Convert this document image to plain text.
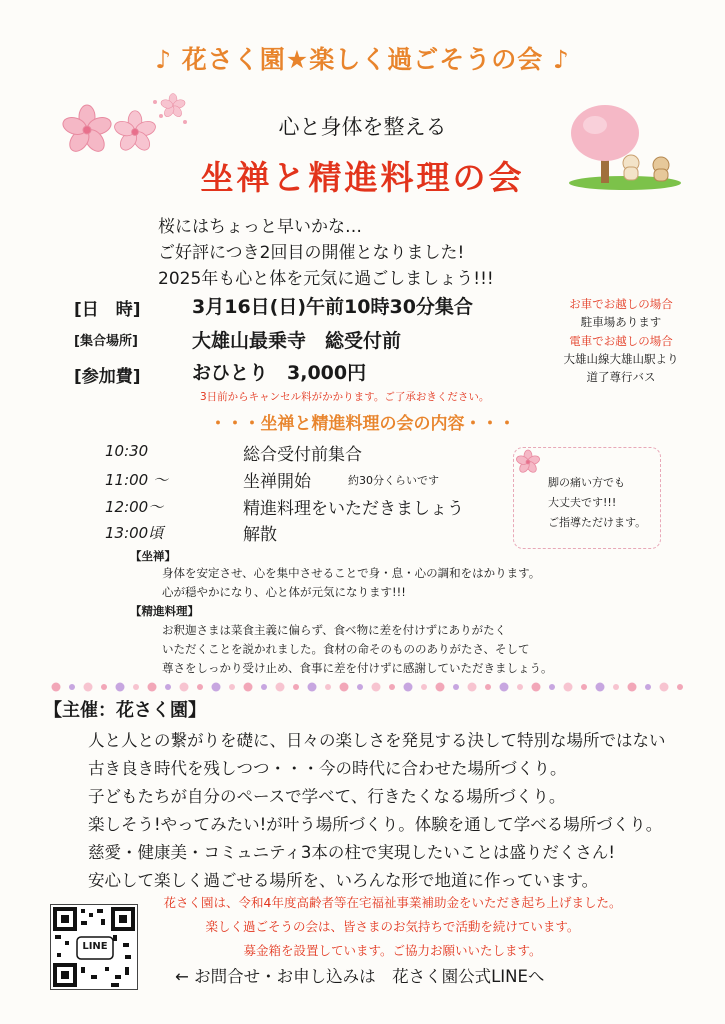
♪ 花さく園★楽しく過ごそうの会 ♪
心と身体を整える
坐禅と精進料理の会
桜にはちょっと早いかな…
ご好評につき2回目の開催となりました!
2025年も心と体を元気に過ごしましょう!!!
[日　時]	3月16日(日)午前10時30分集合
[集合場所]	大雄山最乗寺　総受付前
[参加費]	おひとり　3,000円
3日前からキャンセル料がかかります。ご了承おきください。
お車でお越しの場合
駐車場あります
電車でお越しの場合
大雄山線大雄山駅より
道了尊行バス
・・・坐禅と精進料理の会の内容・・・
10:30	総合受付前集合
11:00 ～	坐禅開始	約30分くらいです
12:00～	精進料理をいただきましょう
13:00頃	解散
脚の痛い方でも
大丈夫です!!!
ご指導ただけます。
【坐禅】
身体を安定させ、心を集中させることで身・息・心の調和をはかります。
心が穏やかになり、心と体が元気になります!!!
【精進料理】
お釈迦さまは菜食主義に偏らず、食べ物に差を付けずにありがたく
いただくことを説かれました。食材の命そのもののありがたさ、そして
尊さをしっかり受け止め、食事に差を付けずに感謝していただきましょう。
【主催：花さく園】
人と人との繋がりを礎に、日々の楽しさを発見する決して特別な場所ではない
古き良き時代を残しつつ・・・今の時代に合わせた場所づくり。
子どもたちが自分のペースで学べて、行きたくなる場所づくり。
楽しそう!やってみたい!が叶う場所づくり。体験を通して学べる場所づくり。
慈愛・健康美・コミュニティ3本の柱で実現したいことは盛りだくさん!
安心して楽しく過ごせる場所を、いろんな形で地道に作っています。
花さく園は、令和4年度高齢者等在宅福祉事業補助金をいただき起ち上げました。
楽しく過ごそうの会は、皆さまのお気持ちで活動を続けています。
募金箱を設置しています。ご協力お願いいたします。
LINE
← お問合せ・お申し込みは　花さく園公式LINEへ
